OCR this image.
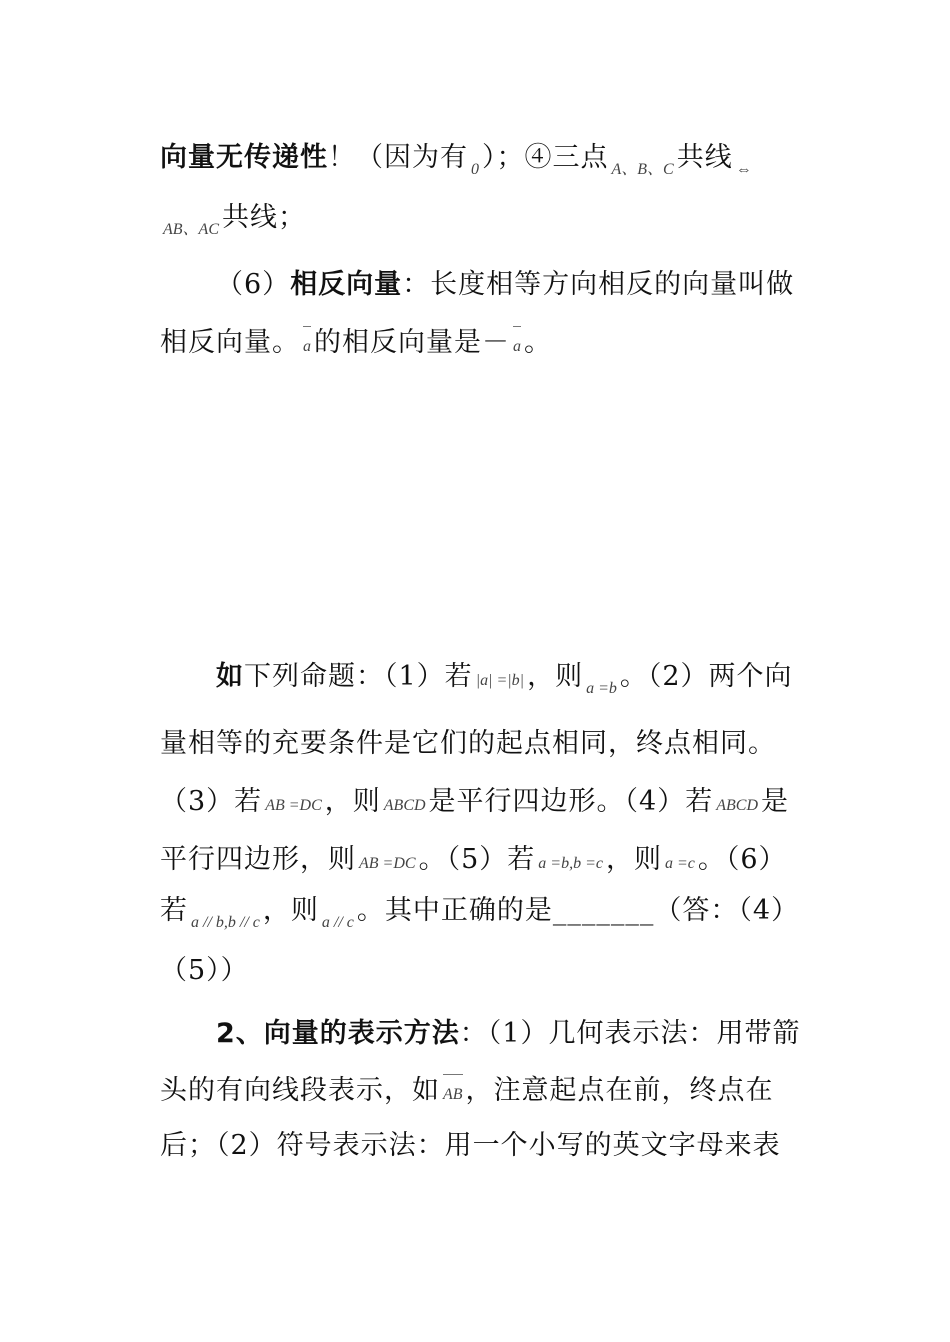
向量无传递性！（因为有 $_0$ ）；④三点 $_{A、B、C}$ 共线 $_\Leftrightarrow$
$_{AB、AC}$ 共线；
（6）相反向量：长度相等方向相反的向量叫做
相反向量。 a 的相反向量是－ a 。
如下列命题：（1）若 |a| =|b| ，则 $_{a =b}$ 。（2）两个向
量相等的充要条件是它们的起点相同，终点相同。
（3）若 AB =DC ，则 ABCD 是平行四边形。（4）若 ABCD 是
平行四边形，则 AB =DC 。（5）若 a =b,b =c ，则 a =c 。（6）
若 $_{a // b,b // c}$ ，则 $_{a // c}$ 。其中正确的是_______（答：（4）
（5））
2、向量的表示方法：（1）几何表示法：用带箭
头的有向线段表示，如 AB ，注意起点在前，终点在
后；（2）符号表示法：用一个小写的英文字母来表
